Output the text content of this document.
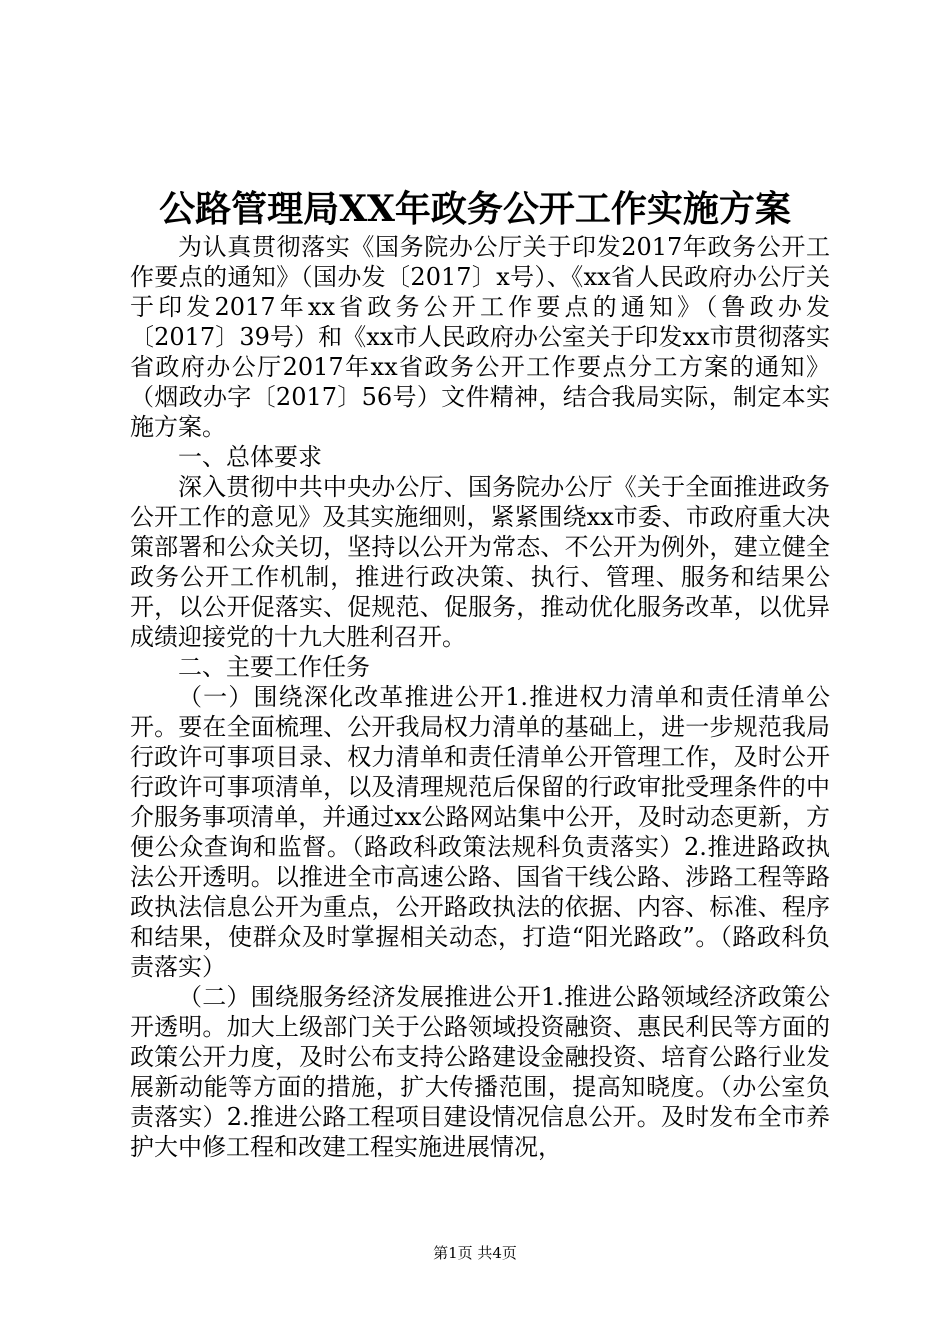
公路管理局XX年政务公开工作实施方案

为认真贯彻落实《国务院办公厅关于印发2017年政务公开工作要点的通知》（国办发〔2017〕x号）、《xx省人民政府办公厅关于印发2017年xx省政务公开工作要点的通知》（鲁政办发〔2017〕39号）和《xx市人民政府办公室关于印发xx市贯彻落实省政府办公厅2017年xx省政务公开工作要点分工方案的通知》（烟政办字〔2017〕56号）文件精神，结合我局实际，制定本实施方案。

一、总体要求

深入贯彻中共中央办公厅、国务院办公厅《关于全面推进政务公开工作的意见》及其实施细则，紧紧围绕xx市委、市政府重大决策部署和公众关切，坚持以公开为常态、不公开为例外，建立健全政务公开工作机制，推进行政决策、执行、管理、服务和结果公开，以公开促落实、促规范、促服务，推动优化服务改革，以优异成绩迎接党的十九大胜利召开。

二、主要工作任务

（一）围绕深化改革推进公开1.推进权力清单和责任清单公开。要在全面梳理、公开我局权力清单的基础上，进一步规范我局行政许可事项目录、权力清单和责任清单公开管理工作，及时公开行政许可事项清单，以及清理规范后保留的行政审批受理条件的中介服务事项清单，并通过xx公路网站集中公开，及时动态更新，方便公众查询和监督。（路政科政策法规科负责落实）2.推进路政执法公开透明。以推进全市高速公路、国省干线公路、涉路工程等路政执法信息公开为重点，公开路政执法的依据、内容、标准、程序和结果，使群众及时掌握相关动态，打造“阳光路政”。（路政科负责落实）

（二）围绕服务经济发展推进公开1.推进公路领域经济政策公开透明。加大上级部门关于公路领域投资融资、惠民利民等方面的政策公开力度，及时公布支持公路建设金融投资、培育公路行业发展新动能等方面的措施，扩大传播范围，提高知晓度。（办公室负责落实）2.推进公路工程项目建设情况信息公开。及时发布全市养护大中修工程和改建工程实施进展情况，

第1页 共4页
